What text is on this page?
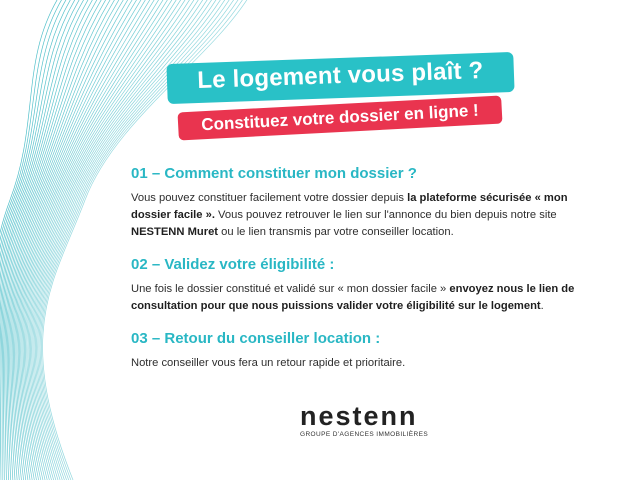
Le logement vous plaît ?
Constituez votre dossier en ligne !
01 – Comment constituer mon dossier ?
Vous pouvez constituer facilement votre dossier depuis la plateforme sécurisée « mon
dossier facile ». Vous pouvez retrouver le lien sur l'annonce du bien depuis notre site
NESTENN Muret ou le lien transmis par votre conseiller location.
02 – Validez votre éligibilité :
Une fois le dossier constitué et validé sur « mon dossier facile » envoyez nous le lien de
consultation pour que nous puissions valider votre éligibilité sur le logement.
03 – Retour du conseiller location :
Notre conseiller vous fera un retour rapide et prioritaire.
nestenn
GROUPE D'AGENCES IMMOBILIÈRES
